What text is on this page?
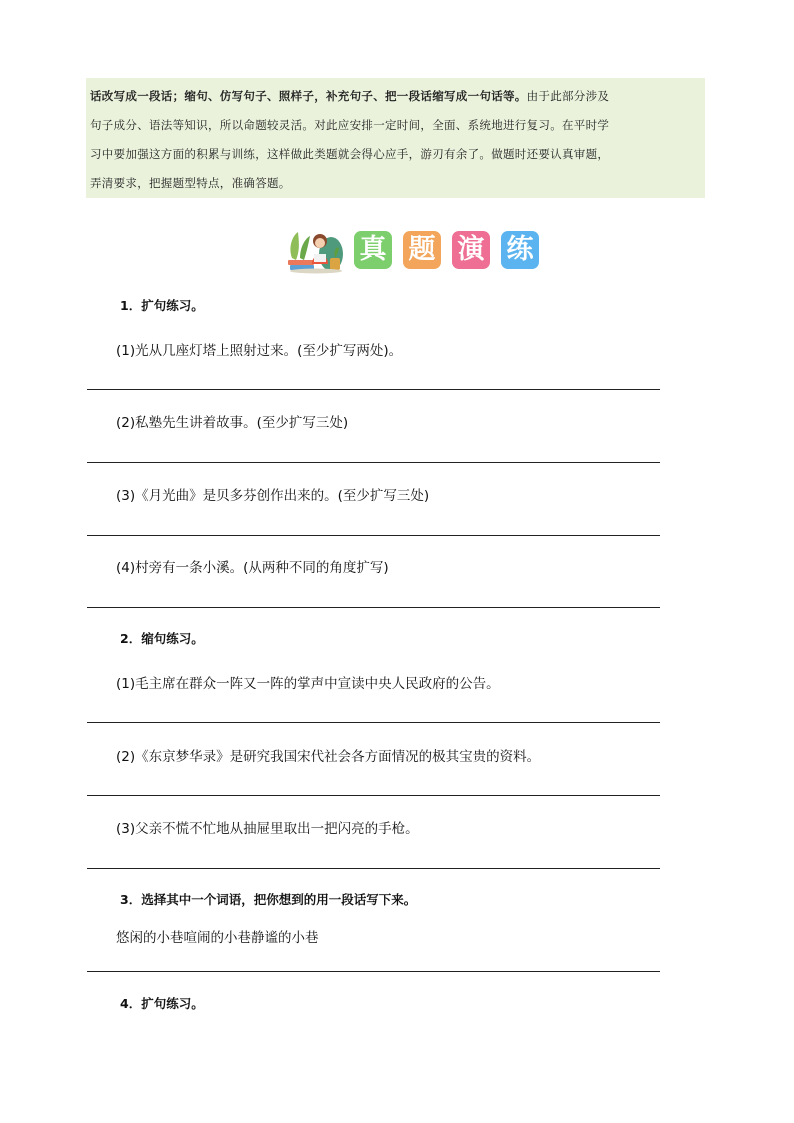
话改写成一段话；缩句、仿写句子、照样子，补充句子、把一段话缩写成一句话等。由于此部分涉及
句子成分、语法等知识，所以命题较灵活。对此应安排一定时间，全面、系统地进行复习。在平时学
习中要加强这方面的积累与训练，这样做此类题就会得心应手，游刃有余了。做题时还要认真审题，
弄清要求，把握题型特点，准确答题。
真 题 演 练
1．扩句练习。
(1)光从几座灯塔上照射过来。(至少扩写两处)。
(2)私塾先生讲着故事。(至少扩写三处)
(3)《月光曲》是贝多芬创作出来的。(至少扩写三处)
(4)村旁有一条小溪。(从两种不同的角度扩写)
2．缩句练习。
(1)毛主席在群众一阵又一阵的掌声中宣读中央人民政府的公告。
(2)《东京梦华录》是研究我国宋代社会各方面情况的极其宝贵的资料。
(3)父亲不慌不忙地从抽屉里取出一把闪亮的手枪。
3．选择其中一个词语，把你想到的用一段话写下来。
悠闲的小巷喧闹的小巷静谧的小巷
4．扩句练习。
